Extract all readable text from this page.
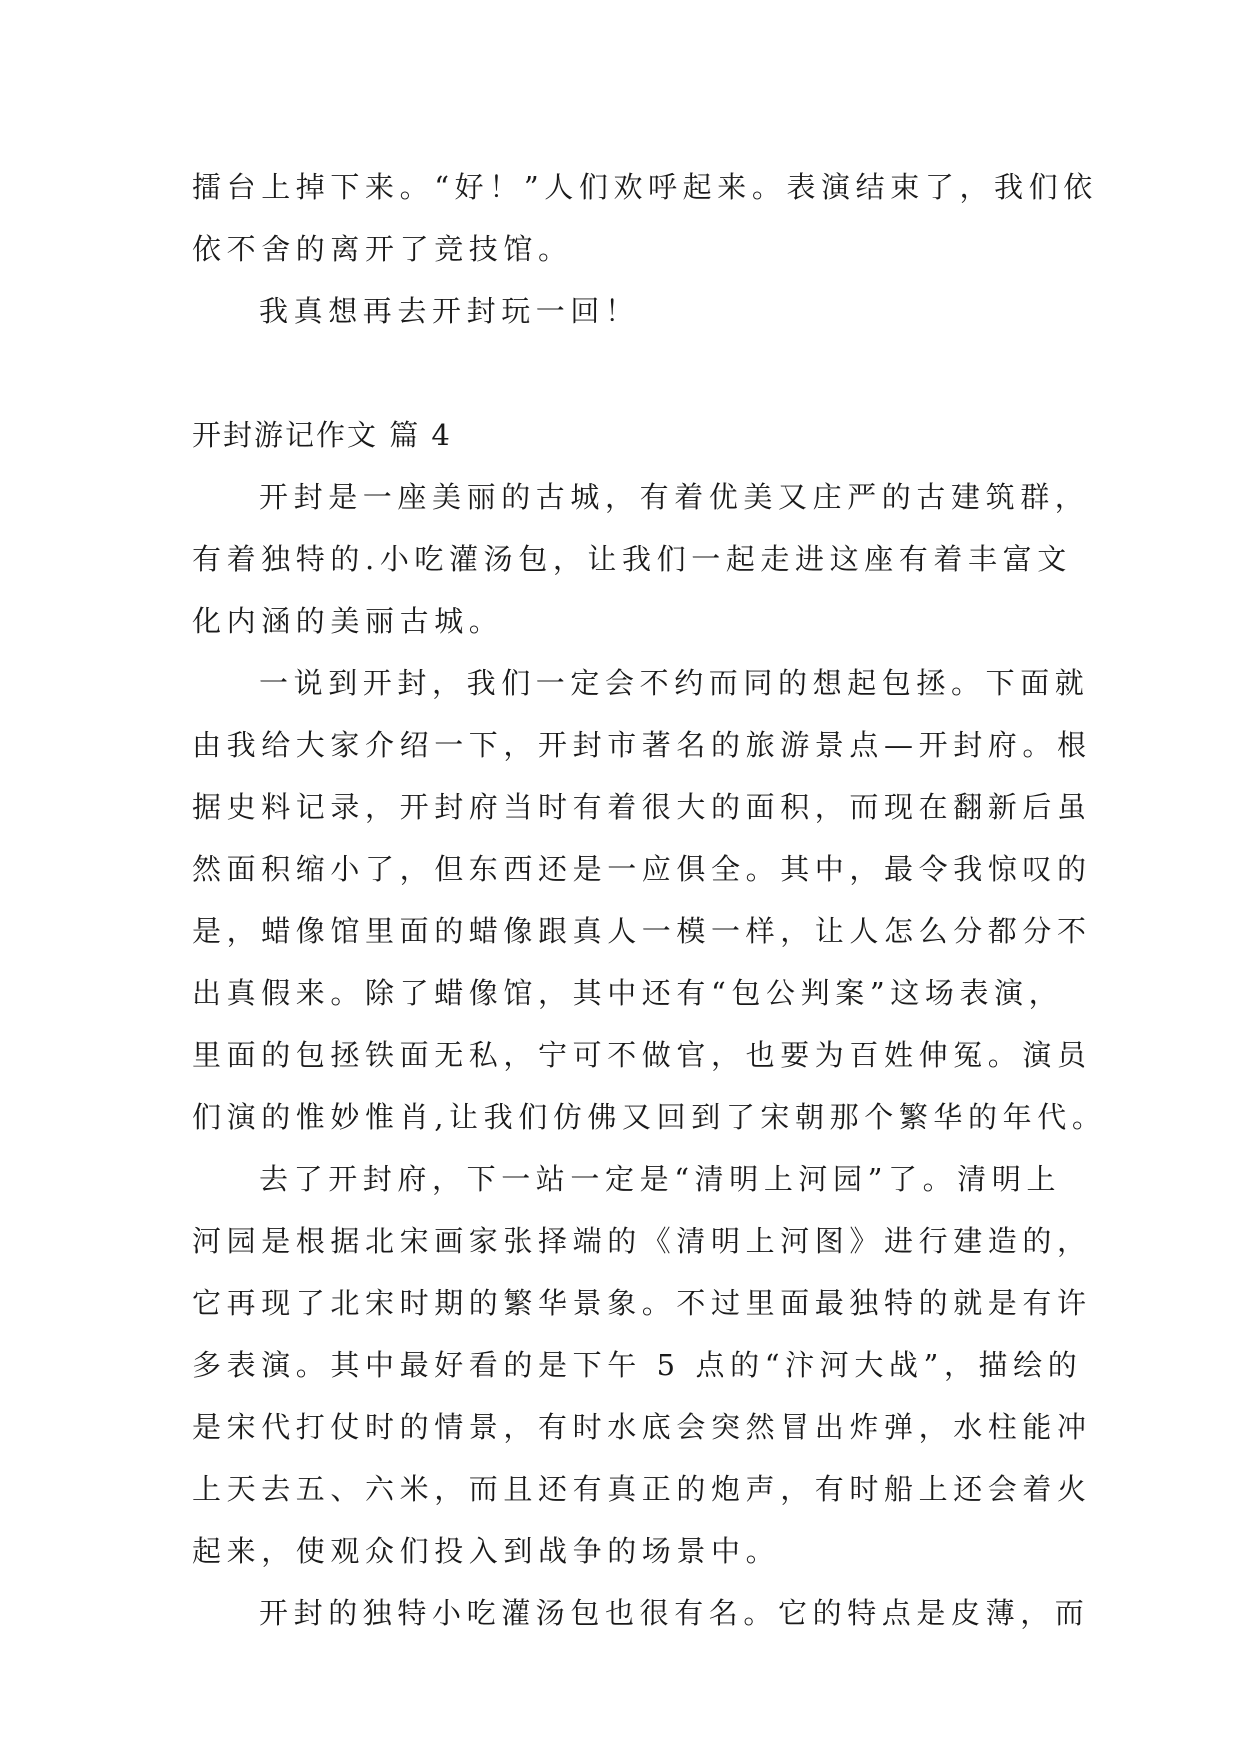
擂台上掉下来。“好！”人们欢呼起来。表演结束了，我们依
依不舍的离开了竞技馆。
我真想再去开封玩一回！
开封游记作文 篇 4
开封是一座美丽的古城，有着优美又庄严的古建筑群，
有着独特的.小吃灌汤包，让我们一起走进这座有着丰富文
化内涵的美丽古城。
一说到开封，我们一定会不约而同的想起包拯。下面就
由我给大家介绍一下，开封市著名的旅游景点—开封府。根
据史料记录，开封府当时有着很大的面积，而现在翻新后虽
然面积缩小了，但东西还是一应俱全。其中，最令我惊叹的
是，蜡像馆里面的蜡像跟真人一模一样，让人怎么分都分不
出真假来。除了蜡像馆，其中还有“包公判案”这场表演，
里面的包拯铁面无私，宁可不做官，也要为百姓伸冤。演员
们演的惟妙惟肖,让我们仿佛又回到了宋朝那个繁华的年代。
去了开封府，下一站一定是“清明上河园”了。清明上
河园是根据北宋画家张择端的《清明上河图》进行建造的，
它再现了北宋时期的繁华景象。不过里面最独特的就是有许
多表演。其中最好看的是下午 5 点的“汴河大战”，描绘的
是宋代打仗时的情景，有时水底会突然冒出炸弹，水柱能冲
上天去五、六米，而且还有真正的炮声，有时船上还会着火
起来，使观众们投入到战争的场景中。
开封的独特小吃灌汤包也很有名。它的特点是皮薄，而
